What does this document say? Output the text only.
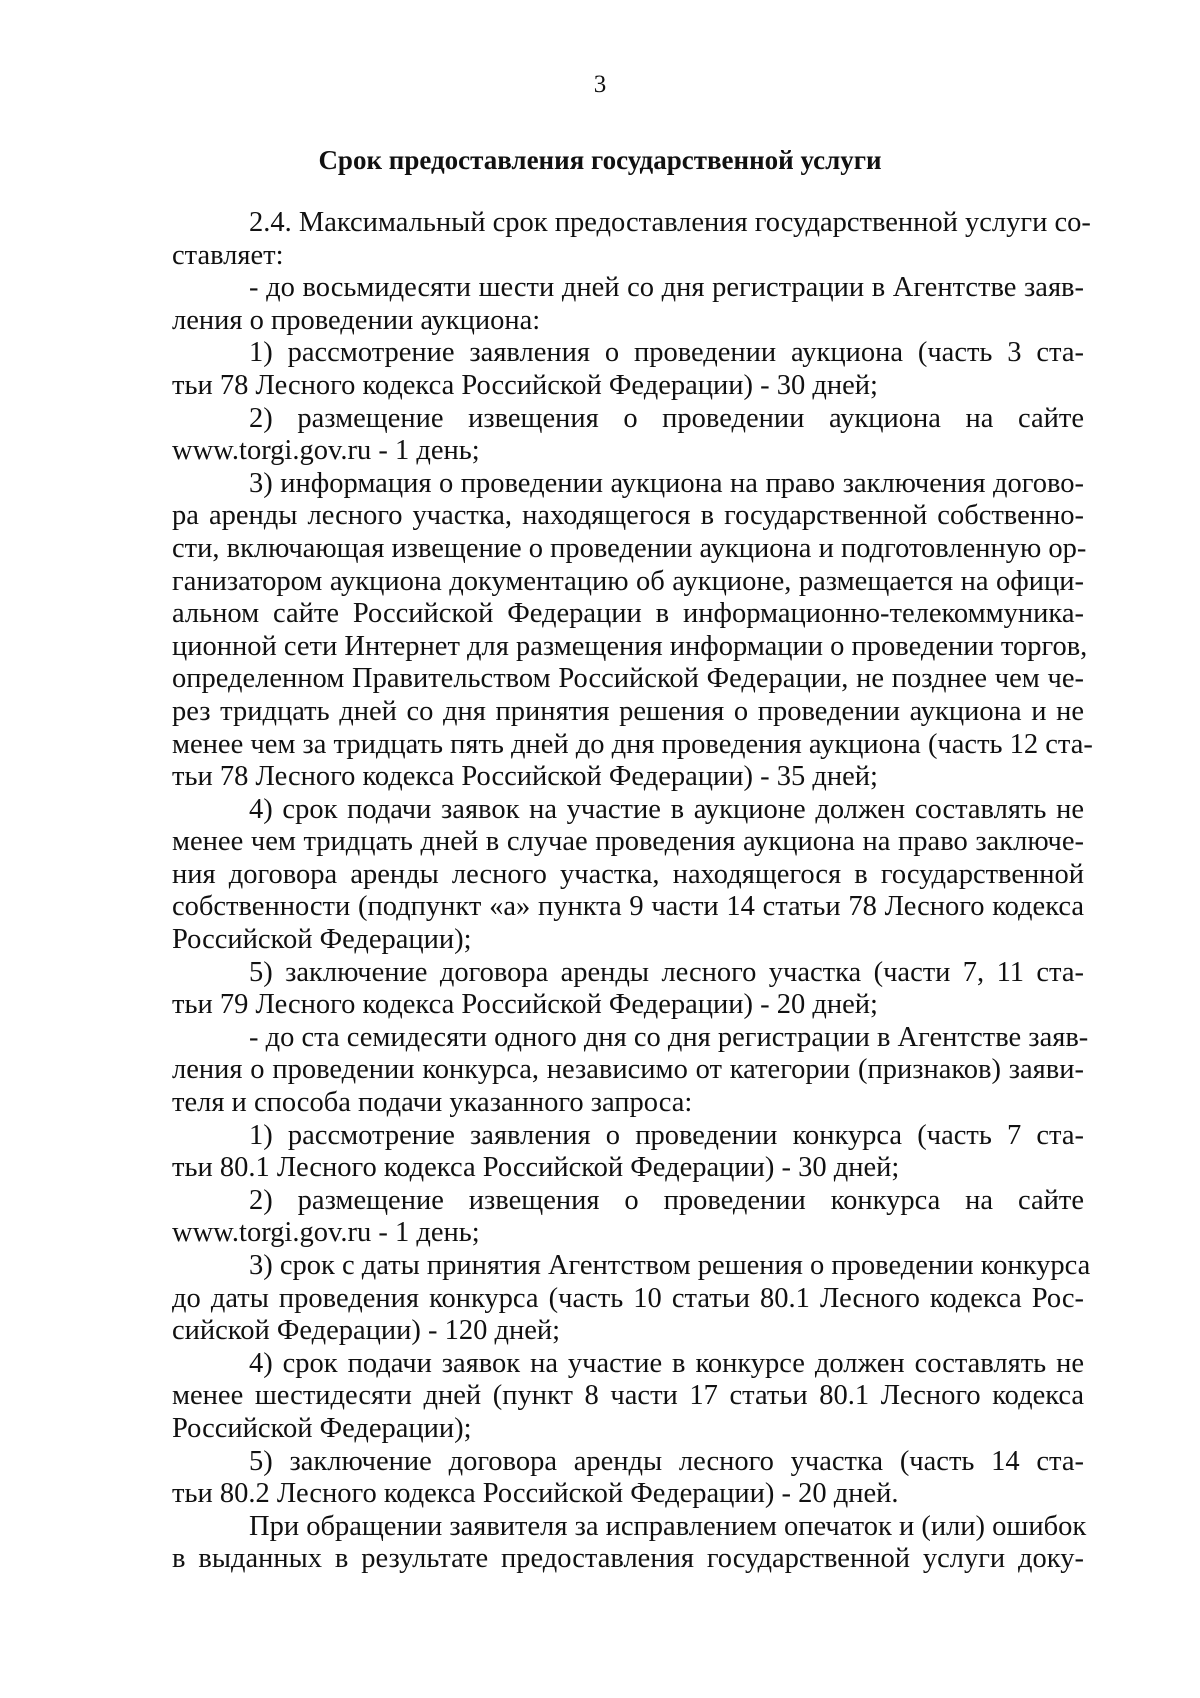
3
Срок предоставления государственной услуги
2.4. Максимальный срок предоставления государственной услуги со-
ставляет:
- до восьмидесяти шести дней со дня регистрации в Агентстве заяв-
ления о проведении аукциона:
1) рассмотрение заявления о проведении аукциона (часть 3 ста-
тьи 78 Лесного кодекса Российской Федерации) - 30 дней;
2) размещение извещения о проведении аукциона на сайте
www.torgi.gov.ru - 1 день;
3) информация о проведении аукциона на право заключения догово-
ра аренды лесного участка, находящегося в государственной собственно-
сти, включающая извещение о проведении аукциона и подготовленную ор-
ганизатором аукциона документацию об аукционе, размещается на офици-
альном сайте Российской Федерации в информационно-телекоммуника-
ционной сети Интернет для размещения информации о проведении торгов,
определенном Правительством Российской Федерации, не позднее чем че-
рез тридцать дней со дня принятия решения о проведении аукциона и не
менее чем за тридцать пять дней до дня проведения аукциона (часть 12 ста-
тьи 78 Лесного кодекса Российской Федерации) - 35 дней;
4) срок подачи заявок на участие в аукционе должен составлять не
менее чем тридцать дней в случае проведения аукциона на право заключе-
ния договора аренды лесного участка, находящегося в государственной
собственности (подпункт «а» пункта 9 части 14 статьи 78 Лесного кодекса
Российской Федерации);
5) заключение договора аренды лесного участка (части 7, 11 ста-
тьи 79 Лесного кодекса Российской Федерации) - 20 дней;
- до ста семидесяти одного дня со дня регистрации в Агентстве заяв-
ления о проведении конкурса, независимо от категории (признаков) заяви-
теля и способа подачи указанного запроса:
1) рассмотрение заявления о проведении конкурса (часть 7 ста-
тьи 80.1 Лесного кодекса Российской Федерации) - 30 дней;
2) размещение извещения о проведении конкурса на сайте
www.torgi.gov.ru - 1 день;
3) срок с даты принятия Агентством решения о проведении конкурса
до даты проведения конкурса (часть 10 статьи 80.1 Лесного кодекса Рос-
сийской Федерации) - 120 дней;
4) срок подачи заявок на участие в конкурсе должен составлять не
менее шестидесяти дней (пункт 8 части 17 статьи 80.1 Лесного кодекса
Российской Федерации);
5) заключение договора аренды лесного участка (часть 14 ста-
тьи 80.2 Лесного кодекса Российской Федерации) - 20 дней.
При обращении заявителя за исправлением опечаток и (или) ошибок
в выданных в результате предоставления государственной услуги доку-
